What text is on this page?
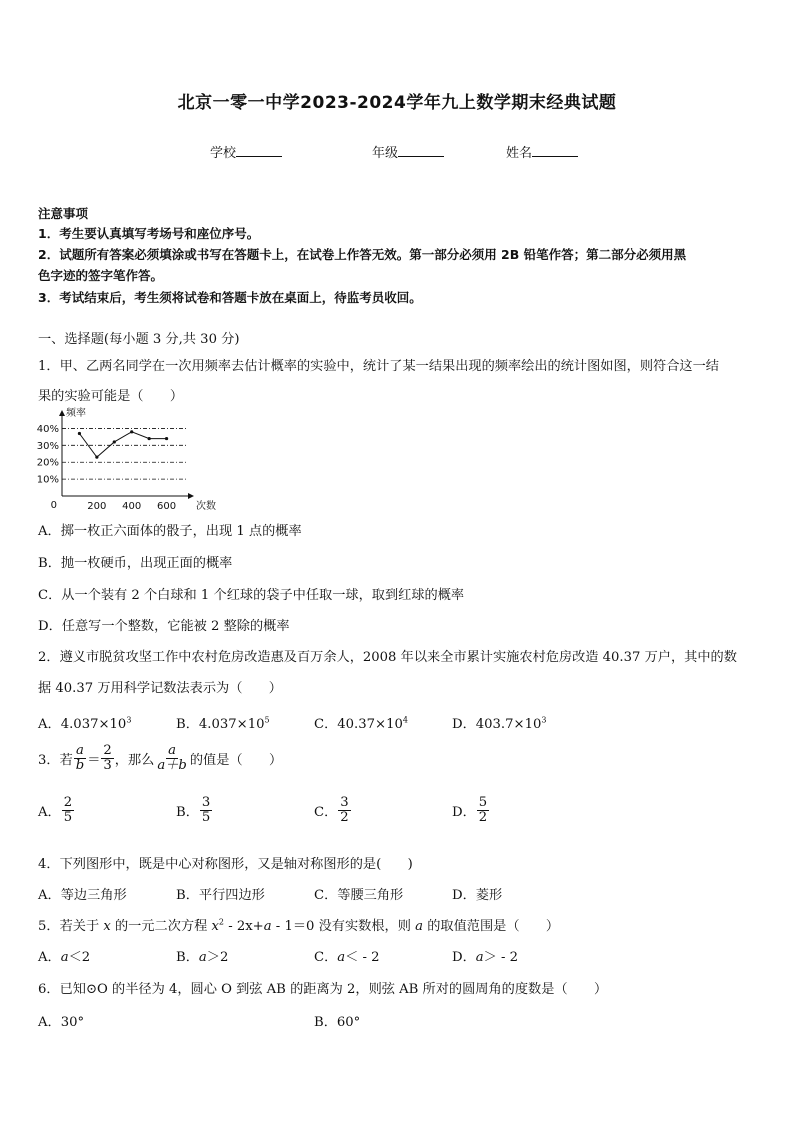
北京一零一中学2023-2024学年九上数学期末经典试题
学校	年级	姓名
注意事项
1．考生要认真填写考场号和座位序号。
2．试题所有答案必须填涂或书写在答题卡上，在试卷上作答无效。第一部分必须用 2B 铅笔作答；第二部分必须用黑
色字迹的签字笔作答。
3．考试结束后，考生须将试卷和答题卡放在桌面上，待监考员收回。
一、选择题(每小题 3 分,共 30 分)
1．甲、乙两名同学在一次用频率去估计概率的实验中，统计了某一结果出现的频率绘出的统计图如图，则符合这一结
果的实验可能是（　　）
40%
30%
20%
10%
200 400 600
0
频率
次数
A．掷一枚正六面体的骰子，出现 1 点的概率
B．抛一枚硬币，出现正面的概率
C．从一个装有 2 个白球和 1 个红球的袋子中任取一球，取到红球的概率
D．任意写一个整数，它能被 2 整除的概率
2．遵义市脱贫攻坚工作中农村危房改造惠及百万余人，2008 年以来全市累计实施农村危房改造 40.37 万户，其中的数
据 40.37 万用科学记数法表示为（　　）
A．$4.037\times 10^3$	B．$4.037\times 10^5$	C．$40.37\times 10^4$	D．$403.7\times 10^3$
3．若 $\frac{a}{b} = \frac{2}{3}$ ，那么 $\frac{a}{a+b}$ 的值是（　　）
A． $\frac{2}{5}$	B． $\frac{3}{5}$	C． $\frac{3}{2}$	D． $\frac{5}{2}$
4．下列图形中，既是中心对称图形，又是轴对称图形的是(　　)
A．等边三角形	B．平行四边形	C．等腰三角形	D．菱形
5．若关于 x 的一元二次方程 $x^2 - 2x+a - 1=0$ 没有实数根，则 a 的取值范围是（　　）
A．a＜2	B．a＞2	C．a＜ - 2	D．a＞ - 2
6．已知⊙O 的半径为 4，圆心 O 到弦 AB 的距离为 2，则弦 AB 所对的圆周角的度数是（　　）
A．30°	B．60°
